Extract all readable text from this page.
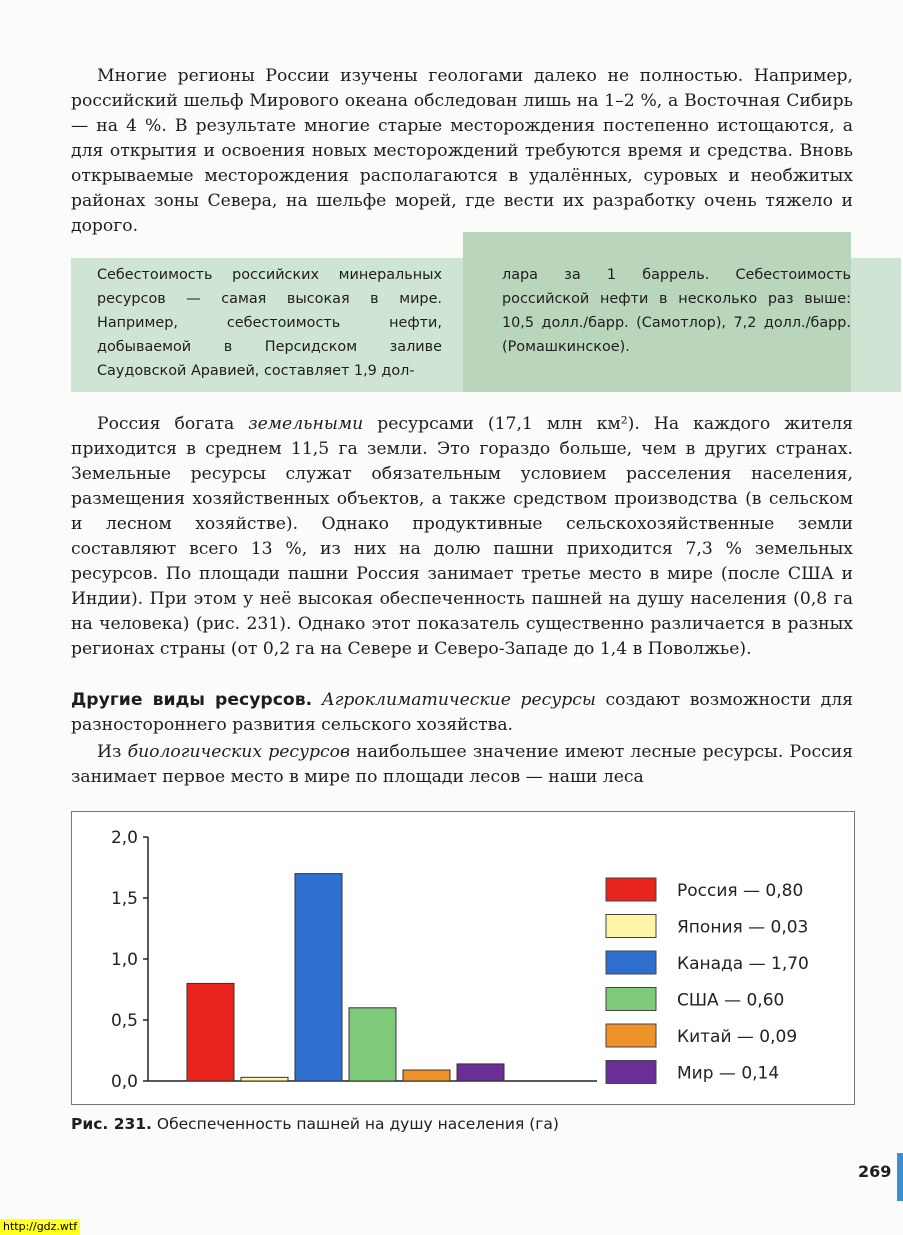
Многие регионы России изучены геологами далеко не полностью. Например, российский шельф Мирового океана обследован лишь на 1–2 %, а Восточная Сибирь — на 4 %. В результате многие старые месторождения постепенно истощаются, а для открытия и освоения новых месторождений требуются время и средства. Вновь открываемые месторождения располагаются в удалённых, суровых и необжитых районах зоны Севера, на шельфе морей, где вести их разработку очень тяжело и дорого.

Себестоимость российских минеральных ресурсов — самая высокая в мире. Например, себестоимость нефти, добываемой в Персидском заливе Саудовской Аравией, составляет 1,9 дол-
лара за 1 баррель. Себестоимость российской нефти в несколько раз выше: 10,5 долл./барр. (Самотлор), 7,2 долл./барр. (Ромашкинское).

Россия богата земельными ресурсами (17,1 млн км²). На каждого жителя приходится в среднем 11,5 га земли. Это гораздо больше, чем в других странах. Земельные ресурсы служат обязательным условием расселения населения, размещения хозяйственных объектов, а также средством производства (в сельском и лесном хозяйстве). Однако продуктивные сельскохозяйственные земли составляют всего 13 %, из них на долю пашни приходится 7,3 % земельных ресурсов. По площади пашни Россия занимает третье место в мире (после США и Индии). При этом у неё высокая обеспеченность пашней на душу населения (0,8 га на человека) (рис. 231). Однако этот показатель существенно различается в разных регионах страны (от 0,2 га на Севере и Северо-Западе до 1,4 в Поволжье).

Другие виды ресурсов. Агроклиматические ресурсы создают возможности для разностороннего развития сельского хозяйства.

Из биологических ресурсов наибольшее значение имеют лесные ресурсы. Россия занимает первое место в мире по площади лесов — наши леса

0,0
0,5
1,0
1,5
2,0
Россия — 0,80
Япония — 0,03
Канада — 1,70
США — 0,60
Китай — 0,09
Мир — 0,14
Рис. 231. Обеспеченность пашней на душу населения (га)
269
http://gdz.wtf
